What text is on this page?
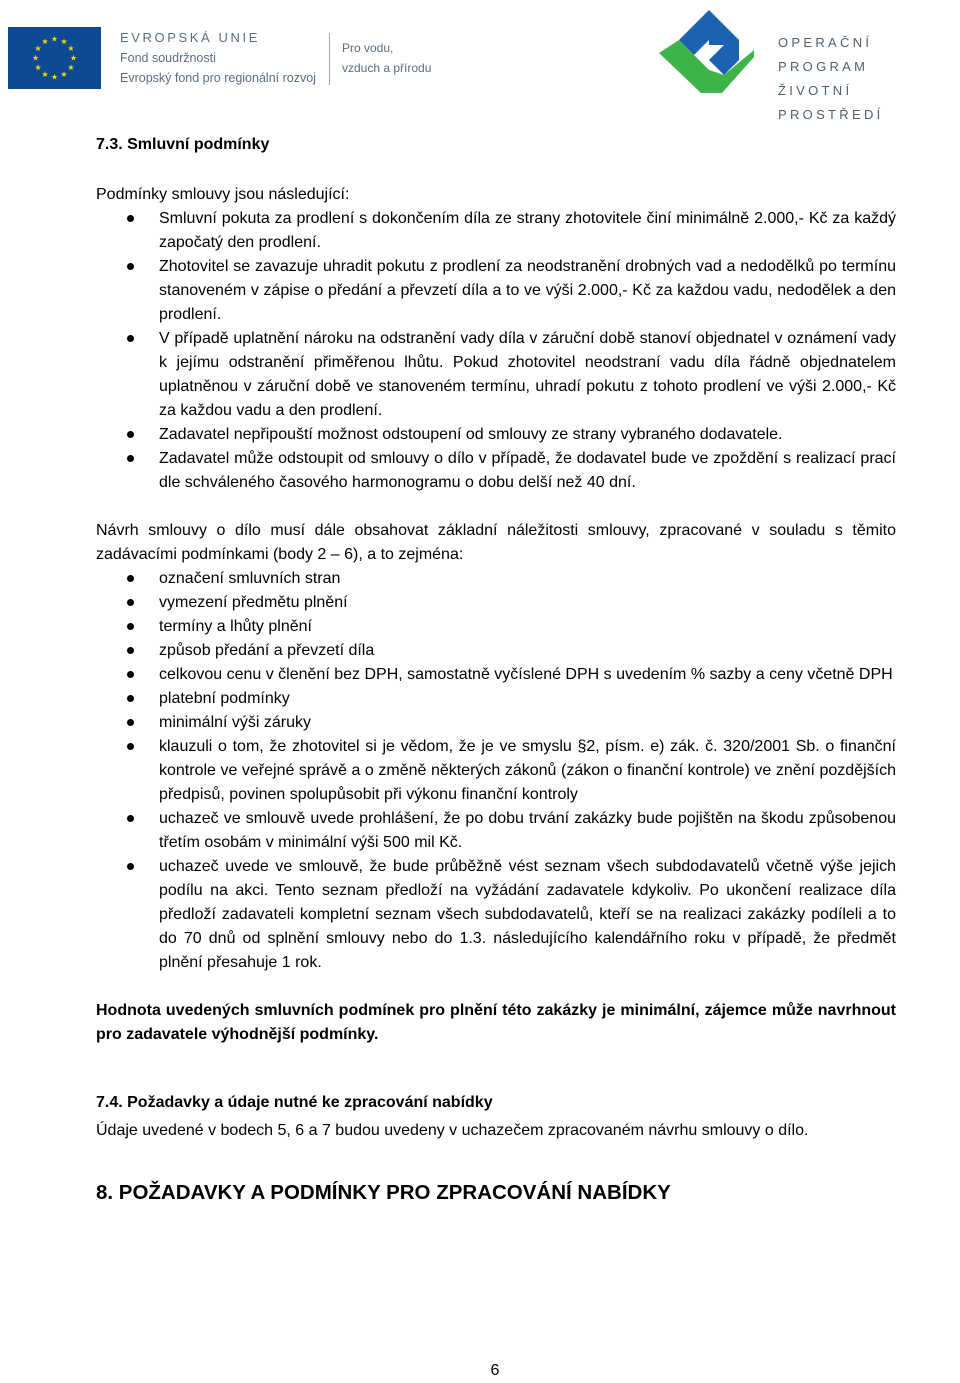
EVROPSKÁ UNIE
Fond soudržnosti
Evropský fond pro regionální rozvoj
Pro vodu,
vzduch a přírodu
OPERAČNÍ PROGRAM
ŽIVOTNÍ PROSTŘEDÍ

7.3. Smluvní podmínky

Podmínky smlouvy jsou následující:

Smluvní pokuta za prodlení s dokončením díla ze strany zhotovitele činí minimálně 2.000,- Kč za každý započatý den prodlení.
Zhotovitel se zavazuje uhradit pokutu z prodlení za neodstranění drobných vad a nedodělků po termínu stanoveném v zápise o předání a převzetí díla a to ve výši 2.000,- Kč za každou vadu, nedodělek a den prodlení.
V případě uplatnění nároku na odstranění vady díla v záruční době stanoví objednatel v oznámení vady k jejímu odstranění přiměřenou lhůtu. Pokud zhotovitel neodstraní vadu díla řádně objednatelem uplatněnou v záruční době ve stanoveném termínu, uhradí pokutu z tohoto prodlení ve výši 2.000,- Kč za každou vadu a den prodlení.
Zadavatel nepřipouští možnost odstoupení od smlouvy ze strany vybraného dodavatele.
Zadavatel může odstoupit od smlouvy o dílo v případě, že dodavatel bude ve zpoždění s realizací prací dle schváleného časového harmonogramu o dobu delší než 40 dní.

Návrh smlouvy o dílo musí dále obsahovat základní náležitosti smlouvy, zpracované v souladu s těmito zadávacími podmínkami (body 2 – 6), a to zejména:

označení smluvních stran
vymezení předmětu plnění
termíny a lhůty plnění
způsob předání a převzetí díla
celkovou cenu v členění bez DPH, samostatně vyčíslené DPH s uvedením % sazby a ceny včetně DPH
platební podmínky
minimální výši záruky
klauzuli o tom, že zhotovitel si je vědom, že je ve smyslu §2, písm. e) zák. č. 320/2001 Sb. o finanční kontrole ve veřejné správě a o změně některých zákonů (zákon o finanční kontrole) ve znění pozdějších předpisů, povinen spolupůsobit při výkonu finanční kontroly
uchazeč ve smlouvě uvede prohlášení, že po dobu trvání zakázky bude pojištěn na škodu způsobenou třetím osobám v minimální výši 500 mil Kč.
uchazeč uvede ve smlouvě, že bude průběžně vést seznam všech subdodavatelů včetně výše jejich podílu na akci. Tento seznam předloží na vyžádání zadavatele kdykoliv. Po ukončení realizace díla předloží zadavateli kompletní seznam všech subdodavatelů, kteří se na realizaci zakázky podíleli a to do 70 dnů od splnění smlouvy nebo do 1.3. následujícího kalendářního roku v případě, že předmět plnění přesahuje 1 rok.

Hodnota uvedených smluvních podmínek pro plnění této zakázky je minimální, zájemce může navrhnout pro zadavatele výhodnější podmínky.

7.4. Požadavky a údaje nutné ke zpracování nabídky

Údaje uvedené v bodech 5, 6 a 7 budou uvedeny v uchazečem zpracovaném návrhu smlouvy o dílo.

8. POŽADAVKY A PODMÍNKY PRO ZPRACOVÁNÍ NABÍDKY

6
